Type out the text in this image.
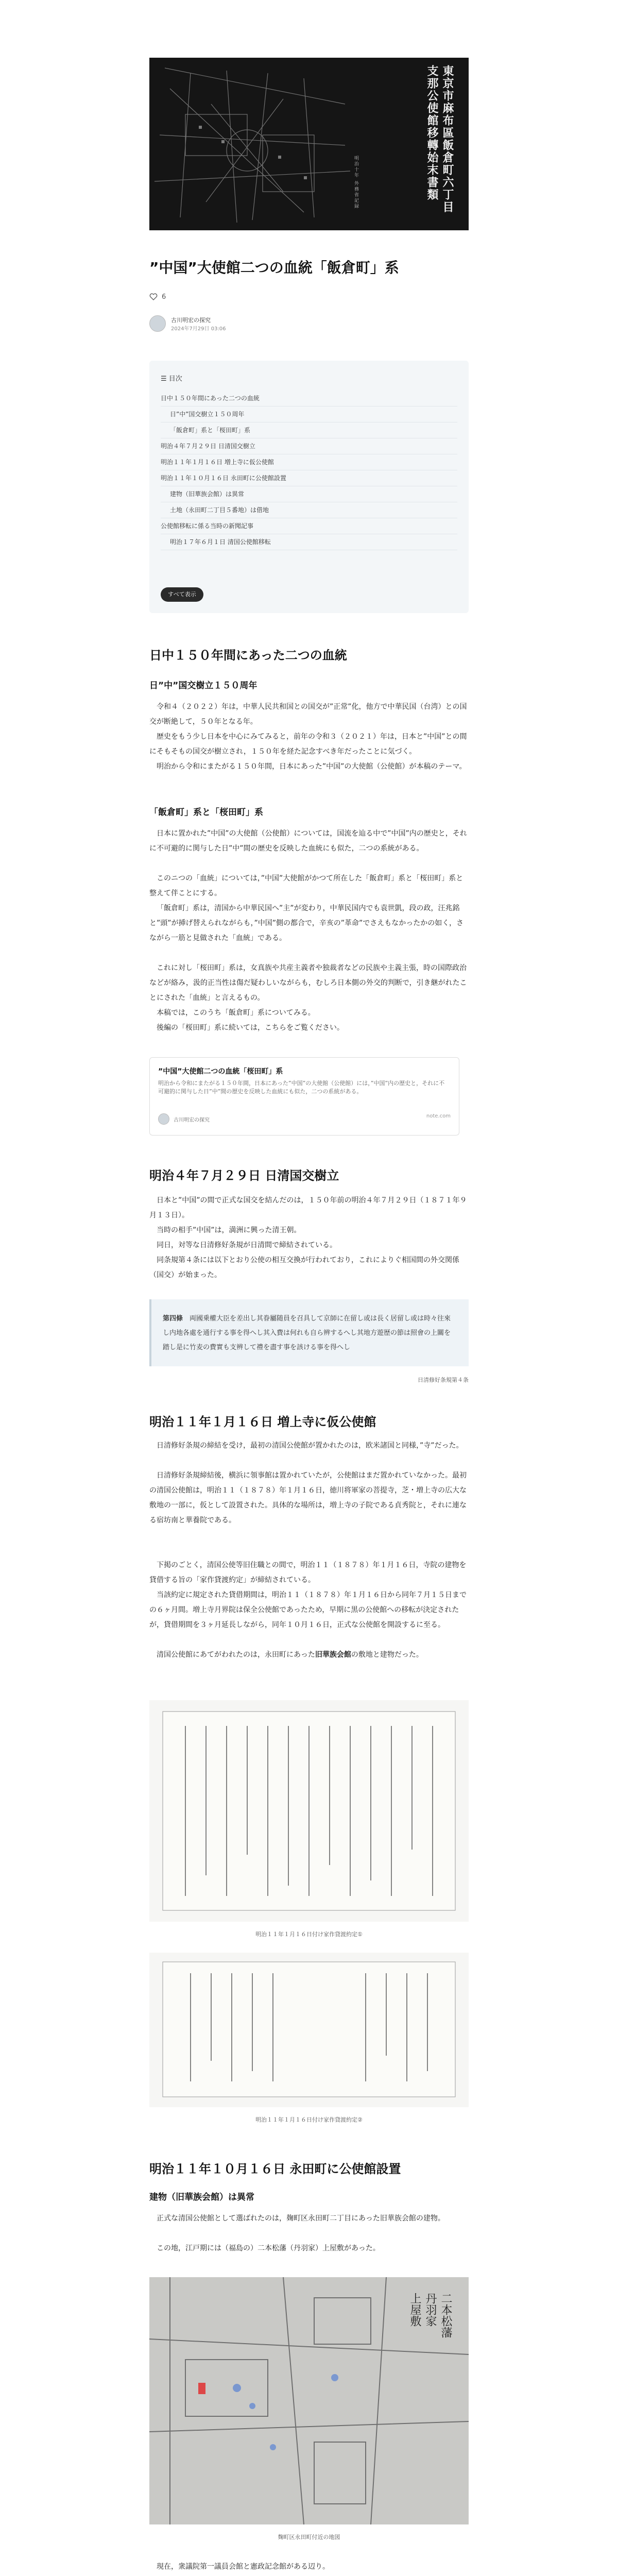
東京市麻布區飯倉町六丁目
支那公使館移轉始末書類
明治十年 外務省記録
”中国”大使館二つの血統「飯倉町」系
6
古川明宏の探究
2024年7月29日 03:06
☰ 目次
日中１５０年間にあった二つの血統
日”中”国交樹立１５０周年
「飯倉町」系と「桜田町」系
明治４年７月２９日 日清国交樹立
明治１１年１月１６日 増上寺に仮公使館
明治１１年１０月１６日 永田町に公使館設置
建物（旧華族会館）は異常
土地（永田町二丁目５番地）は借地
公使館移転に係る当時の新聞記事
明治１７年６月１日 清国公使館移転
すべて表示
日中１５０年間にあった二つの血統
日”中”国交樹立１５０周年

令和４（２０２２）年は，中華人民共和国との国交が”正常”化，他方で中華民国（台湾）との国交が断絶して，５０年となる年。

歴史をもう少し日本を中心にみてみると，前年の令和３（２０２１）年は，日本と”中国”との間にそもそもの国交が樹立され，１５０年を経た記念すべき年だったことに気づく。

明治から令和にまたがる１５０年間，日本にあった”中国”の大使館（公使館）が本稿のテーマ。

「飯倉町」系と「桜田町」系

日本に置かれた”中国”の大使館（公使館）については，国流を辿る中で”中国”内の歴史と，それに不可避的に関与した日”中”間の歴史を反映した血統にも似た，二つの系統がある。

このニつの「血統」については，”中国”大使館がかつて所在した「飯倉町」系と「桜田町」系と整えて伴ことにする。

「飯倉町」系は，清国から中華民国へ”主”が変わり，中華民国内でも袁世凱，段の政，汪兆銘と”頭”が挿げ替えられながらも，”中国”側の都合で，辛亥の”革命”でさえもなかったかの如く，さながら一筋と見做された「血統」である。

これに対し「桜田町」系は，女真族や共産主義者や独裁者などの民族や主義主張，時の国際政治などが絡み，汲的正当性は傷だ疑わしいながらも，むしろ日本側の外交的判断で，引き継がれたことにされた「血統」と言えるもの。

本稿では，このうち「飯倉町」系についてみる。

後編の「桜田町」系に続いては，こちらをご覧ください。

”中国”大使館二つの血統「桜田町」系
明治から令和にまたがる１５０年間，日本にあった”中国”の大使館（公使館）には，”中国”内の歴史と，それに不可避的に関与した日”中”間の歴史を反映した血統にも似た，二つの系統がある。
古川明宏の探究
note.com
明治４年７月２９日 日清国交樹立

日本と”中国”の間で正式な国交を結んだのは，１５０年前の明治４年７月２９日（１８７１年９月１３日）。

当時の相手”中国”は，満洲に興った清王朝。

同日，対等な日清修好条規が日清間で締結されている。

同条規第４条には以下とおり公使の相互交換が行われており，これによりぐ相国間の外交関係（国交）が始まった。

第四條　 両國乗權大臣を差出し其眷屬随員を召具して京師に在留し或は長く居留し或は時々往來し内地各處を通行する事を得へし其入費は何れも自ら辨するへし其地方遊歴の節は照會の上關を踏し是に竹麦の費實も支辨して禮を盡す事を該ける事を得へし
日清修好条規第４条
明治１１年１月１６日 増上寺に仮公使館

日清修好条規の締結を受け，最初の清国公使館が置かれたのは，欧米諸国と同様，”寺”だった。

日清修好条規締結後，横浜に領事館は置かれていたが，公使館はまだ置かれていなかった。最初の清国公使館は，明治１１（１８７８）年１月１６日，徳川将軍家の菩提寺，芝・増上寺の広大な敷地の一部に，仮として設置された。具体的な場所は，増上寺の子院である貞秀院と，それに連なる宿坊南と華養院である。

下掲のごとく，清国公使等旧住職との間で，明治１１（１８７８）年１月１６日，寺院の建物を貸借する旨の「家作貸渡約定」が締結されている。

当該約定に規定された貸借期間は，明治１１（１８７８）年１月１６日から同年７月１５日までの６ヶ月間。増上寺月界院は保全公使館であったため，早期に黒の公使館への移転が決定されたが，貸借期間を３ヶ月延長しながら，同年１０月１６日，正式な公使館を開設するに至る。

清国公使館にあてがわれたのは，永田町にあった旧華族会館の敷地と建物だった。

明治１１年１月１６日付け家作貸渡約定①
明治１１年１月１６日付け家作貸渡約定②
明治１１年１０月１６日 永田町に公使館設置
建物（旧華族会館）は異常

正式な清国公使館として選ばれたのは，麹町区永田町二丁目にあった旧華族会館の建物。

この地，江戸期には（福島の）二本松藩（丹羽家）上屋敷があった。

二本松藩
丹羽家
上屋敷
麹町区永田町付近の地図

現在，衆議院第一議員会館と憲政記念館がある辺り。
